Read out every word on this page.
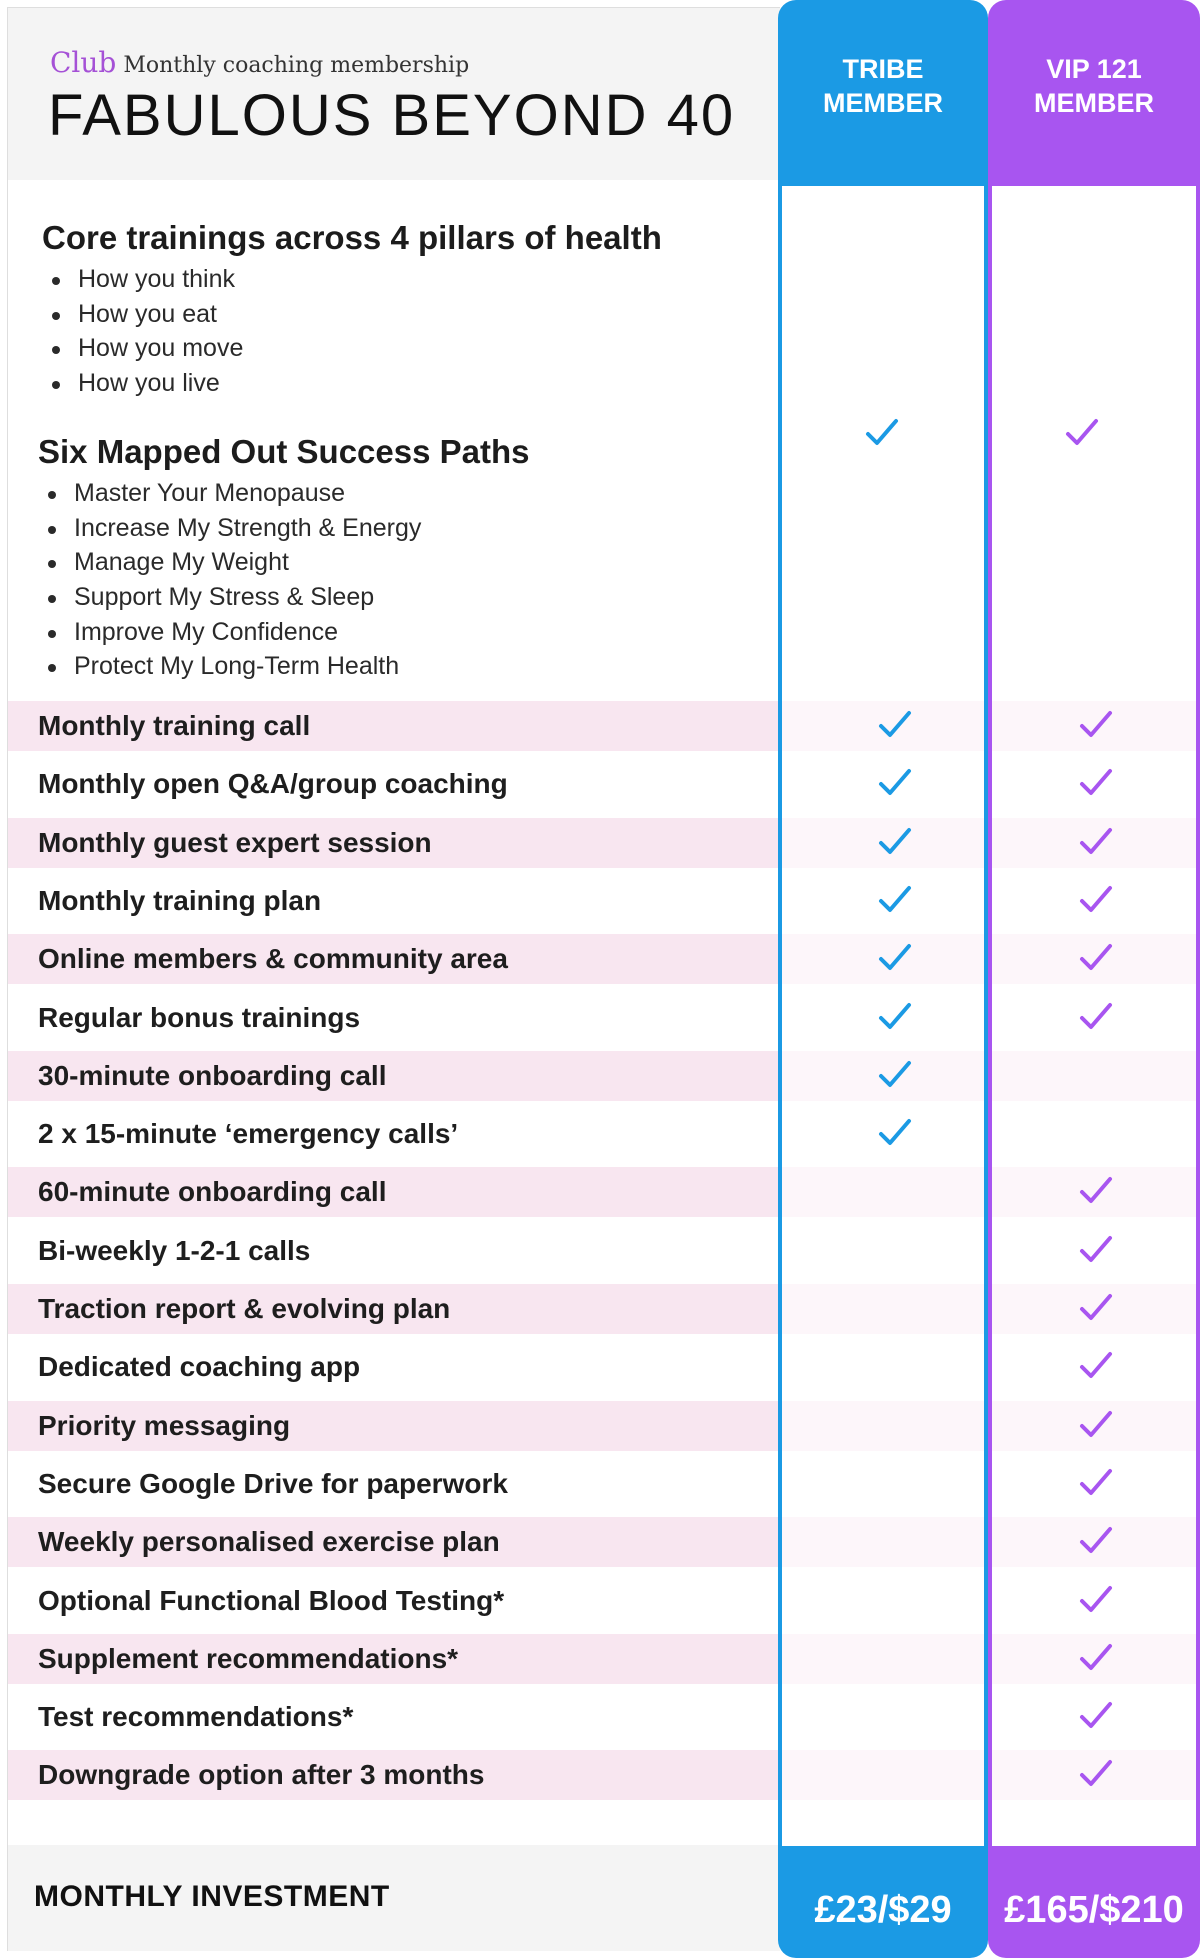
Club Monthly coaching membership
FABULOUS BEYOND 40
TRIBE
MEMBER
£23/$29
VIP 121
MEMBER
£165/$210
Core trainings across 4 pillars of health
How you think
How you eat
How you move
How you live
Six Mapped Out Success Paths
Master Your Menopause
Increase My Strength & Energy
Manage My Weight
Support My Stress & Sleep
Improve My Confidence
Protect My Long-Term Health
Monthly training call
Monthly open Q&A/group coaching
Monthly guest expert session
Monthly training plan
Online members & community area
Regular bonus trainings
30-minute onboarding call
2 x 15-minute ‘emergency calls’
60-minute onboarding call
Bi-weekly 1-2-1 calls
Traction report & evolving plan
Dedicated coaching app
Priority messaging
Secure Google Drive for paperwork
Weekly personalised exercise plan
Optional Functional Blood Testing*
Supplement recommendations*
Test recommendations*
Downgrade option after 3 months
MONTHLY INVESTMENT
